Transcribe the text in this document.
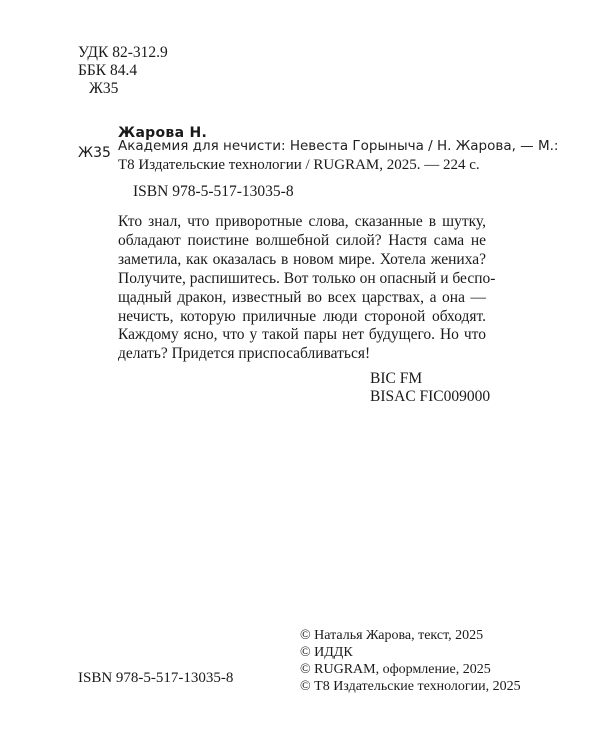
УДК 82-312.9
ББК 84.4
Ж35
Жарова Н.
Ж35 Академия для нечисти: Невеста Горыныча / Н. Жарова, — М.:
Т8 Издательские технологии / RUGRAM, 2025. — 224 с.
ISBN 978-5-517-13035-8
Кто знал, что приворотные слова, сказанные в шутку,
обладают поистине волшебной силой? Настя сама не
заметила, как оказалась в новом мире. Хотела жениха?
Получите, распишитесь. Вот только он опасный и беспо-
щадный дракон, известный во всех царствах, а она —
нечисть, которую приличные люди стороной обходят.
Каждому ясно, что у такой пары нет будущего. Но что
делать? Придется приспосабливаться!
BIC FM
BISAC FIC009000
© Наталья Жарова, текст, 2025
© ИДДК
© RUGRAM, оформление, 2025
© Т8 Издательские технологии, 2025
ISBN 978-5-517-13035-8
